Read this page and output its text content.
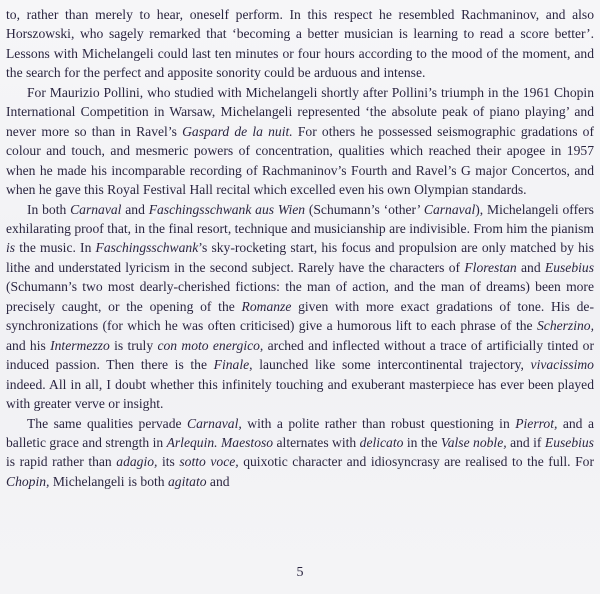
to, rather than merely to hear, oneself perform. In this respect he resembled Rachmaninov, and also Horszowski, who sagely remarked that ‘becoming a better musician is learning to read a score better’. Lessons with Michelangeli could last ten minutes or four hours according to the mood of the moment, and the search for the perfect and apposite sonority could be arduous and intense.

For Maurizio Pollini, who studied with Michelangeli shortly after Pollini’s triumph in the 1961 Chopin International Competition in Warsaw, Michelangeli represented ‘the absolute peak of piano playing’ and never more so than in Ravel’s Gaspard de la nuit. For others he possessed seismographic gradations of colour and touch, and mesmeric powers of concentration, qualities which reached their apogee in 1957 when he made his incomparable recording of Rachmaninov’s Fourth and Ravel’s G major Concertos, and when he gave this Royal Festival Hall recital which excelled even his own Olympian standards.

In both Carnaval and Faschingsschwank aus Wien (Schumann’s ‘other’ Carnaval), Michelangeli offers exhilarating proof that, in the final resort, technique and musicianship are indivisible. From him the pianism is the music. In Faschingsschwank’s sky-rocketing start, his focus and propulsion are only matched by his lithe and understated lyricism in the second subject. Rarely have the characters of Florestan and Eusebius (Schumann’s two most dearly-cherished fictions: the man of action, and the man of dreams) been more precisely caught, or the opening of the Romanze given with more exact gradations of tone. His de-synchronizations (for which he was often criticised) give a humorous lift to each phrase of the Scherzino, and his Intermezzo is truly con moto energico, arched and inflected without a trace of artificially tinted or induced passion. Then there is the Finale, launched like some intercontinental trajectory, vivacissimo indeed. All in all, I doubt whether this infinitely touching and exuberant masterpiece has ever been played with greater verve or insight.

The same qualities pervade Carnaval, with a polite rather than robust questioning in Pierrot, and a balletic grace and strength in Arlequin. Maestoso alternates with delicato in the Valse noble, and if Eusebius is rapid rather than adagio, its sotto voce, quixotic character and idiosyncrasy are realised to the full. For Chopin, Michelangeli is both agitato and

5
